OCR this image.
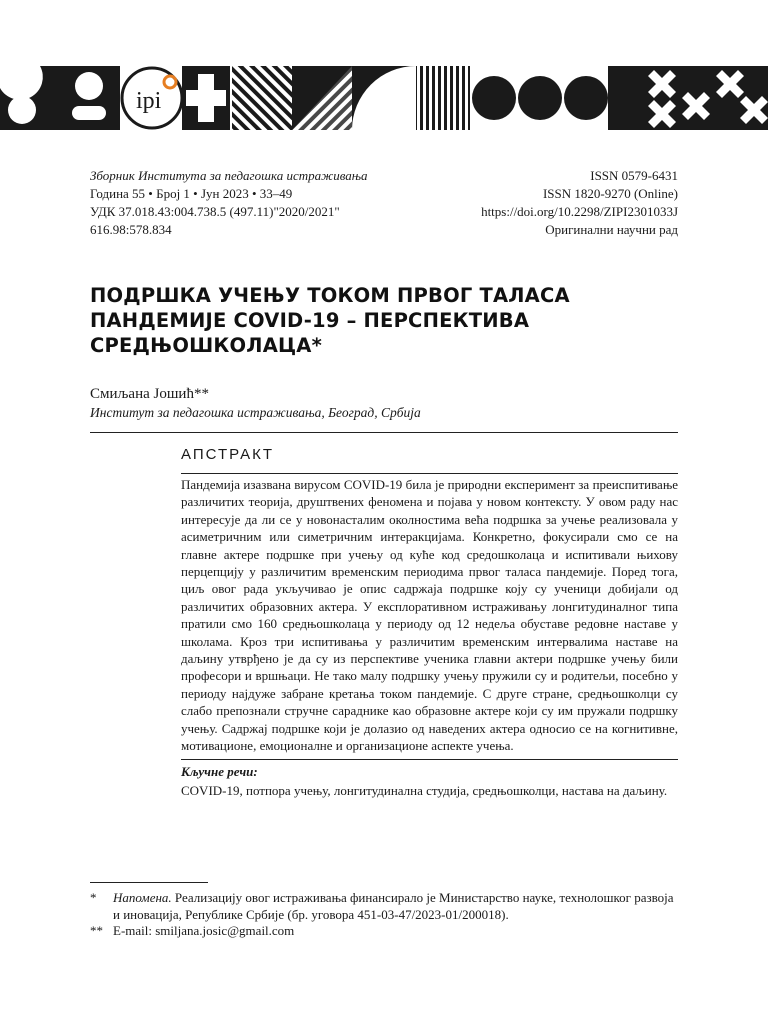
ipi
Зборник Института за педагошка истраживања
Година 55 • Број 1 • Јун 2023 • 33–49
УДК 37.018.43:004.738.5 (497.11)"2020/2021"
616.98:578.834
ISSN 0579-6431
ISSN 1820-9270 (Online)
https://doi.org/10.2298/ZIPI2301033J
Оригинални научни рад
ПОДРШКА УЧЕЊУ ТОКОМ ПРВОГ ТАЛАСА ПАНДЕМИЈЕ COVID-19 – ПЕРСПЕКТИВА СРЕДЊОШКОЛАЦА*
Смиљана Јошић**
Институт за педагошка истраживања, Београд, Србија
АПСТРАКТ

Пандемија изазвана вирусом COVID-19 била је природни експеримент за преиспитивање различитих теорија, друштвених феномена и појава у новом контексту. У овом раду нас интересује да ли се у новонасталим околностима већа подршка за учење реализовала у асиметричним или симетричним интеракцијама. Конкретно, фокусирали смо се на главне актере подршке при учењу од куће код средошколаца и испитивали њихову перцепцију у различитим временским периодима првог таласа пандемије. Поред тога, циљ овог рада укључивао је опис садржаја подршке коју су ученици добијали од различитих образовних актера. У експлоративном истраживању лонгитудиналног типа пратили смо 160 средњошколаца у периоду од 12 недеља обуставе редовне наставе у школама. Кроз три испитивања у различитим временским интервалима наставе на даљину утврђено је да су из перспективе ученика главни актери подршке учењу били професори и вршњаци. Не тако малу подршку учењу пружили су и родитељи, посебно у периоду најдуже забране кретања током пандемије. С друге стране, средњошколци су слабо препознали стручне сараднике као образовне актере који су им пружали подршку учењу. Садржај подршке који је долазио од наведених актера односио се на когнитивне, мотивационе, емоционалне и организационе аспекте учења.

Кључне речи:

COVID-19, потпора учењу, лонгитудинална студија, средњошколци, настава на даљину.

* Напомена. Реализацију овог истраживања финансирало је Министарство науке, технолошког развоја и иновација, Републике Србије (бр. уговора 451-03-47/2023-01/200018).
** E-mail: smiljana.josic@gmail.com
